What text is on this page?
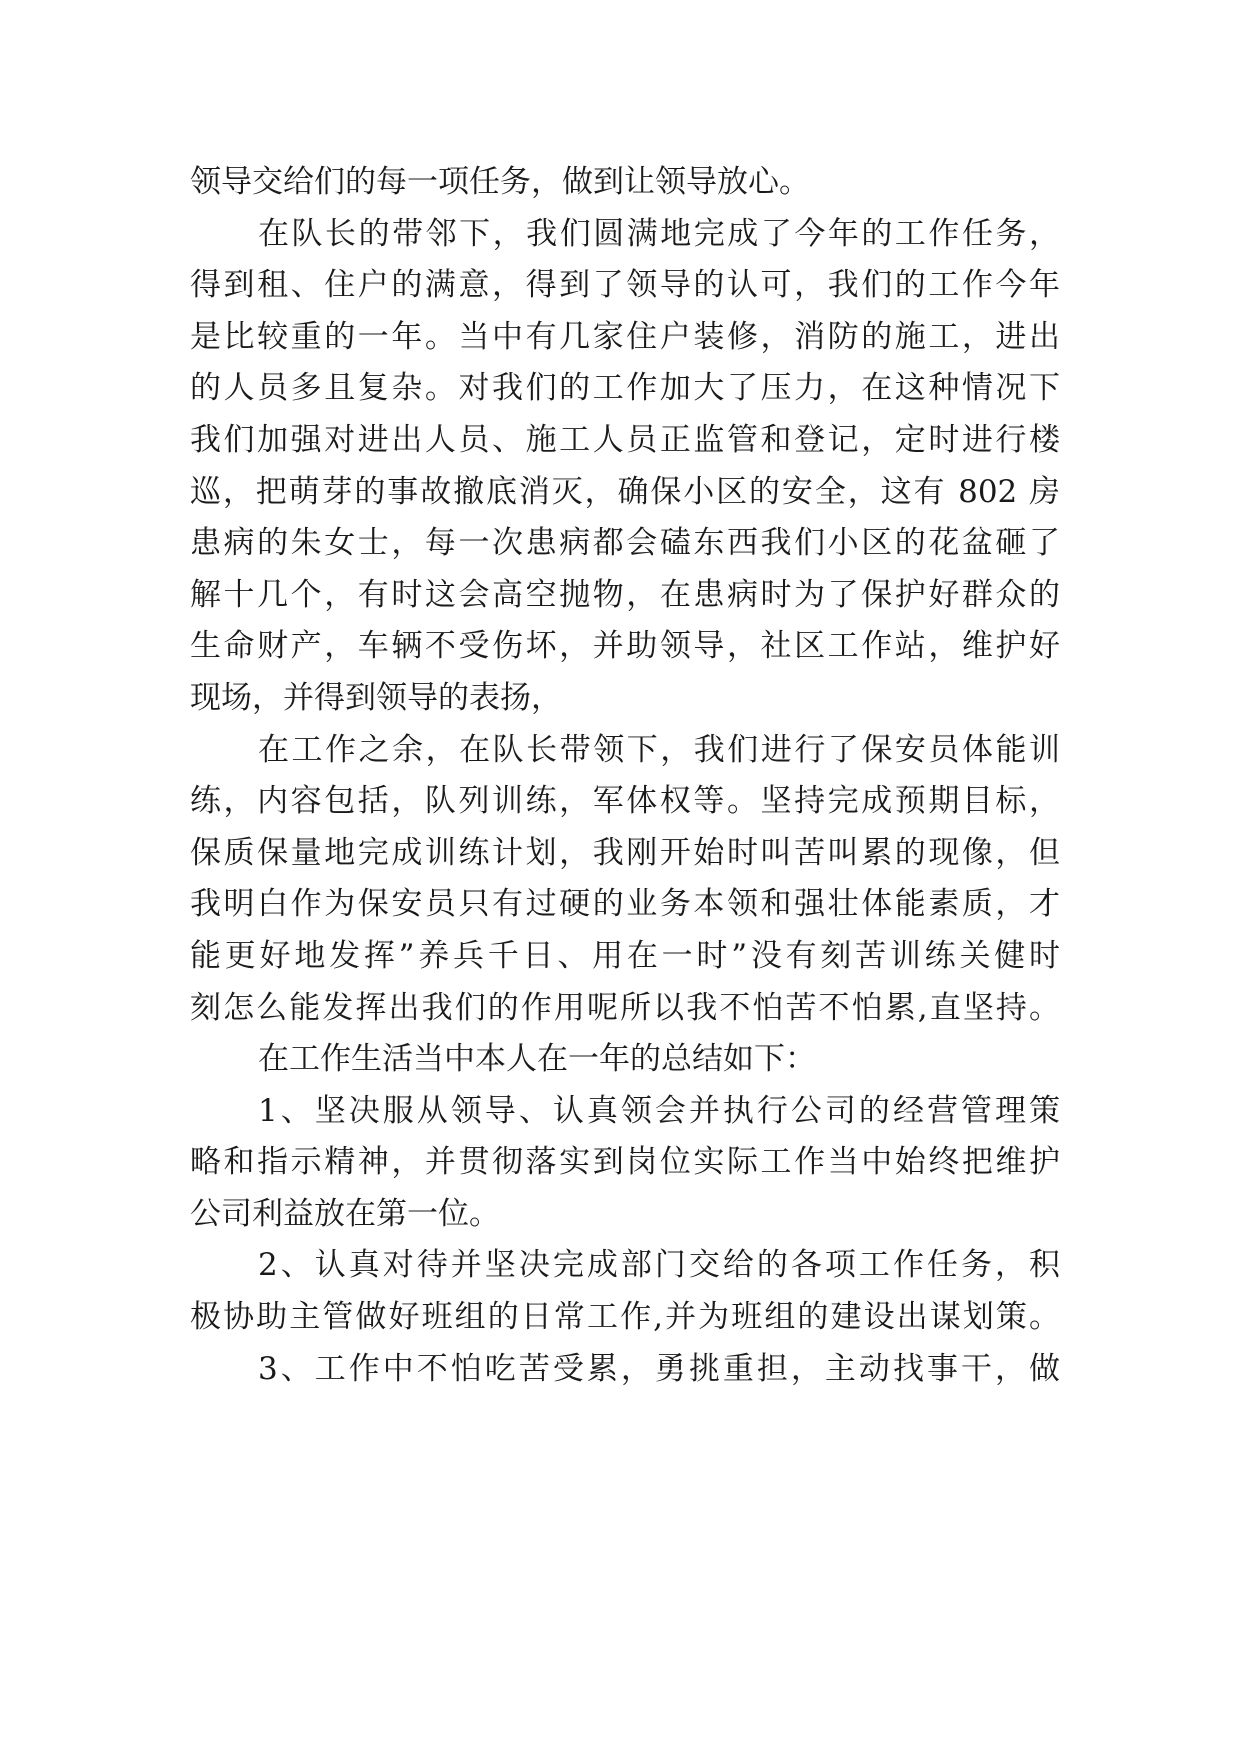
领导交给们的每一项任务，做到让领导放心。
在队长的带邻下，我们圆满地完成了今年的工作任务，
得到租、住户的满意，得到了领导的认可，我们的工作今年
是比较重的一年。当中有几家住户装修，消防的施工，进出
的人员多且复杂。对我们的工作加大了压力，在这种情况下
我们加强对进出人员、施工人员正监管和登记，定时进行楼
巡，把萌芽的事故撤底消灭，确保小区的安全，这有 802 房
患病的朱女士，每一次患病都会磕东西我们小区的花盆砸了
解十几个，有时这会高空抛物，在患病时为了保护好群众的
生命财产，车辆不受伤坏，并助领导，社区工作站，维护好
现场，并得到领导的表扬，
在工作之余，在队长带领下，我们进行了保安员体能训
练，内容包括，队列训练，军体权等。坚持完成预期目标，
保质保量地完成训练计划，我刚开始时叫苦叫累的现像，但
我明白作为保安员只有过硬的业务本领和强壮体能素质，才
能更好地发挥”养兵千日、用在一时”没有刻苦训练关健时
刻怎么能发挥出我们的作用呢所以我不怕苦不怕累,直坚持。
在工作生活当中本人在一年的总结如下：
1、坚决服从领导、认真领会并执行公司的经营管理策
略和指示精神，并贯彻落实到岗位实际工作当中始终把维护
公司利益放在第一位。
2、认真对待并坚决完成部门交给的各项工作任务，积
极协助主管做好班组的日常工作,并为班组的建设出谋划策。
3、工作中不怕吃苦受累，勇挑重担，主动找事干，做
